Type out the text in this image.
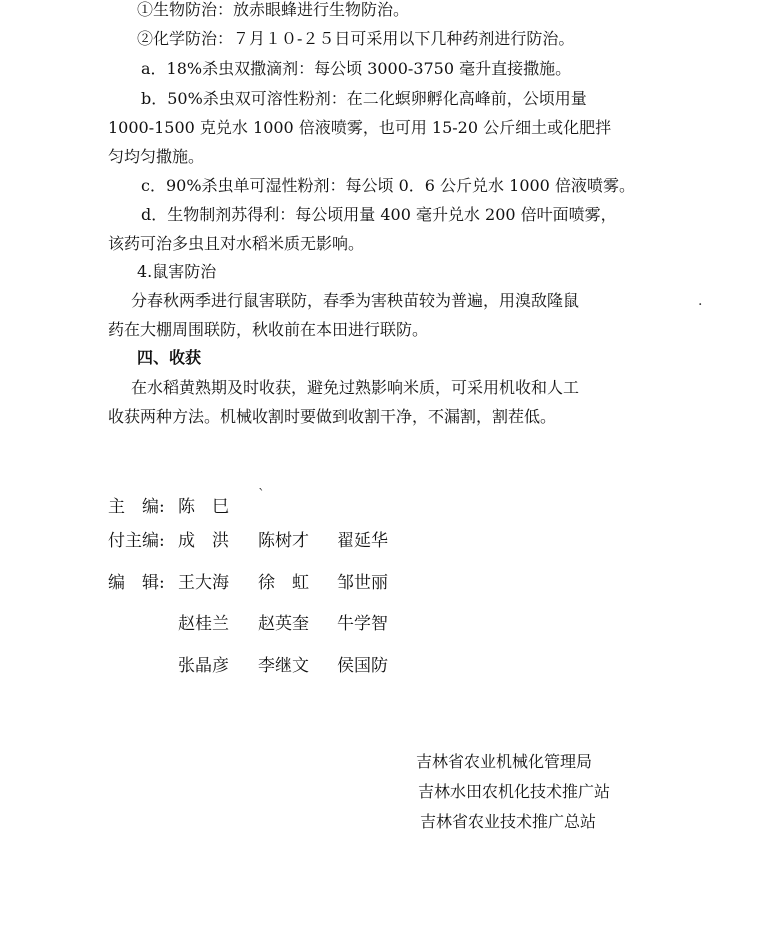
①生物防治：放赤眼蜂进行生物防治。
②化学防治：７月１０-２５日可采用以下几种药剂进行防治。
a．18%杀虫双撒滴剂：每公顷 3000-3750 毫升直接撒施。
b．50%杀虫双可溶性粉剂：在二化螟卵孵化高峰前，公顷用量
1000-1500 克兑水 1000 倍液喷雾，也可用 15-20 公斤细土或化肥拌
匀均匀撒施。
c．90%杀虫单可湿性粉剂：每公顷 0．6 公斤兑水 1000 倍液喷雾。
d．生物制剂苏得利：每公顷用量 400 毫升兑水 200 倍叶面喷雾，
该药可治多虫且对水稻米质无影响。
4.鼠害防治
分春秋两季进行鼠害联防，春季为害秧苗较为普遍，用溴敌隆鼠	.
药在大棚周围联防，秋收前在本田进行联防。
四、收获
在水稻黄熟期及时收获，避免过熟影响米质，可采用机收和人工
收获两种方法。机械收割时要做到收割干净，不漏割，割茬低。
ˋ
主　编: 陈　巳
付主编: 成　洪 陈树才 翟延华
编　辑: 王大海 徐　虹 邹世丽
赵桂兰 赵英奎 牛学智
张晶彦 李继文 侯国防
吉林省农业机械化管理局
吉林水田农机化技术推广站
吉林省农业技术推广总站
